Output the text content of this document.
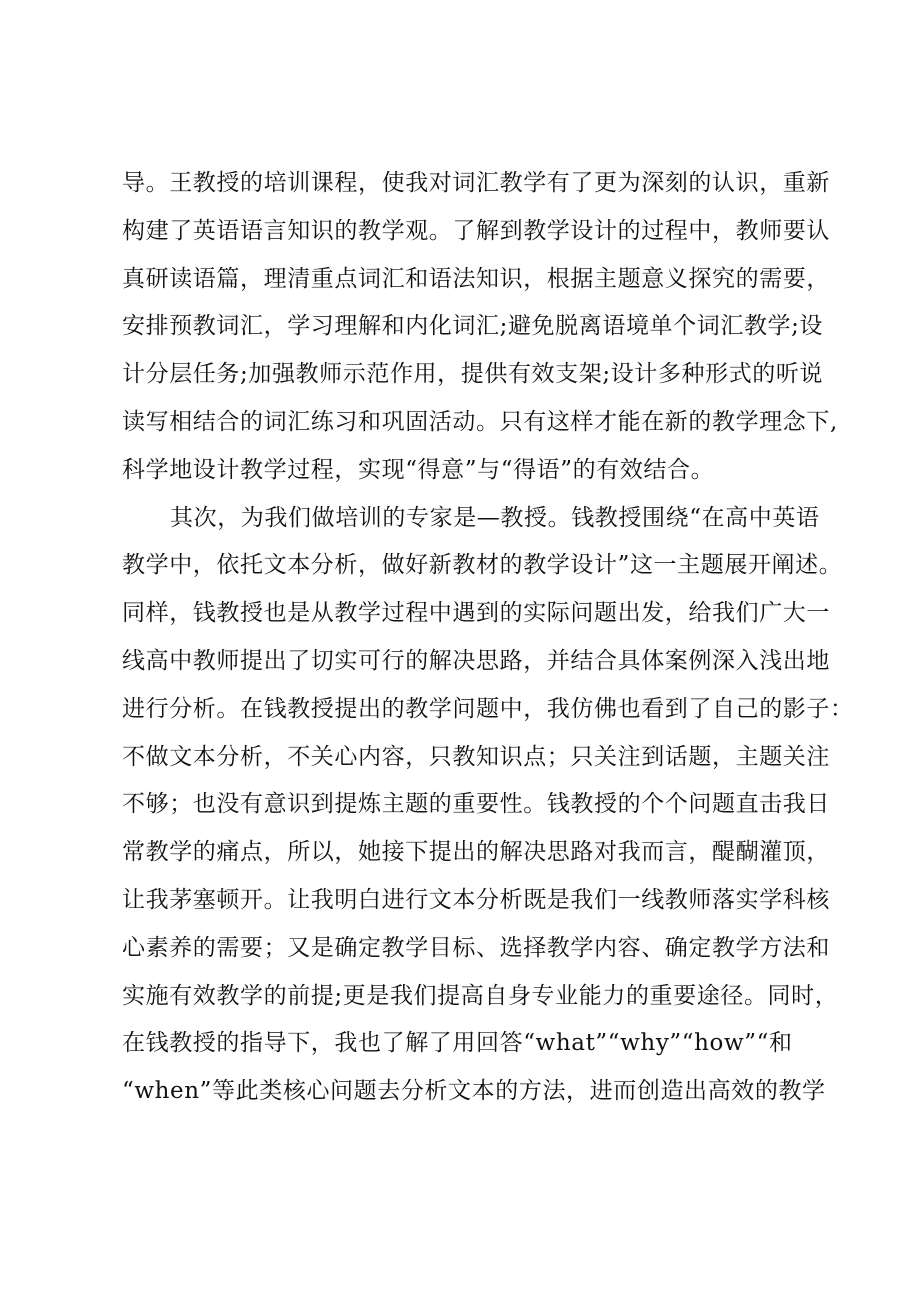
导。王教授的培训课程，使我对词汇教学有了更为深刻的认识，重新
构建了英语语言知识的教学观。了解到教学设计的过程中，教师要认
真研读语篇，理清重点词汇和语法知识，根据主题意义探究的需要，
安排预教词汇，学习理解和内化词汇;避免脱离语境单个词汇教学;设
计分层任务;加强教师示范作用，提供有效支架;设计多种形式的听说
读写相结合的词汇练习和巩固活动。只有这样才能在新的教学理念下,
科学地设计教学过程，实现“得意”与“得语”的有效结合。
其次，为我们做培训的专家是—教授。钱教授围绕“在高中英语
教学中，依托文本分析，做好新教材的教学设计”这一主题展开阐述。
同样，钱教授也是从教学过程中遇到的实际问题出发，给我们广大一
线高中教师提出了切实可行的解决思路，并结合具体案例深入浅出地
进行分析。在钱教授提出的教学问题中，我仿佛也看到了自己的影子：
不做文本分析，不关心内容，只教知识点；只关注到话题，主题关注
不够；也没有意识到提炼主题的重要性。钱教授的个个问题直击我日
常教学的痛点，所以，她接下提出的解决思路对我而言，醍醐灌顶，
让我茅塞顿开。让我明白进行文本分析既是我们一线教师落实学科核
心素养的需要；又是确定教学目标、选择教学内容、确定教学方法和
实施有效教学的前提;更是我们提高自身专业能力的重要途径。同时，
在钱教授的指导下，我也了解了用回答“what”“why”“how”“和
“when”等此类核心问题去分析文本的方法，进而创造出高效的教学
